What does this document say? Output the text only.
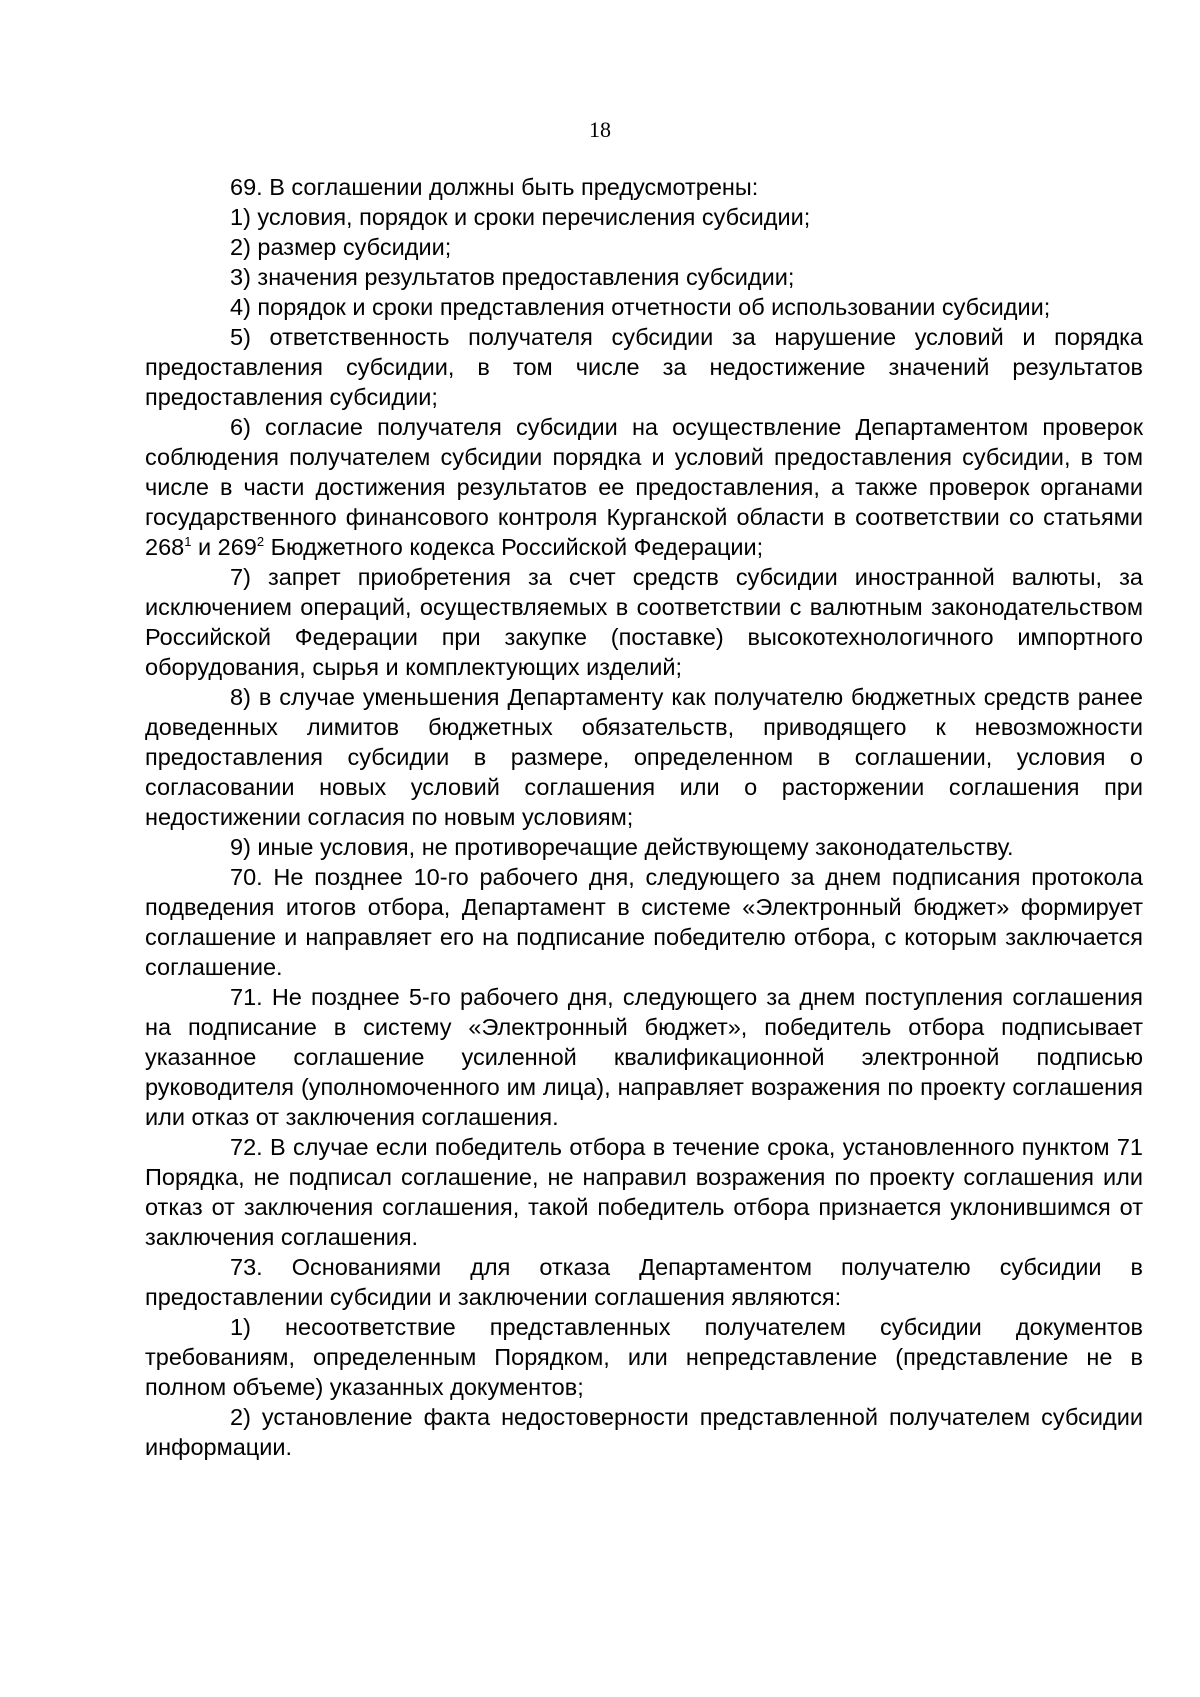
18

69. В соглашении должны быть предусмотрены:

1) условия, порядок и сроки перечисления субсидии;

2) размер субсидии;

3) значения результатов предоставления субсидии;

4) порядок и сроки представления отчетности об использовании субсидии;

5) ответственность получателя субсидии за нарушение условий и порядка предоставления субсидии, в том числе за недостижение значений результатов предоставления субсидии;

6) согласие получателя субсидии на осуществление Департаментом проверок соблюдения получателем субсидии порядка и условий предоставления субсидии, в том числе в части достижения результатов ее предоставления, а также проверок органами государственного финансового контроля Курганской области в соответствии со статьями $268^1$ и $269^2$ Бюджетного кодекса Российской Федерации;

7) запрет приобретения за счет средств субсидии иностранной валюты, за исключением операций, осуществляемых в соответствии с валютным законодательством Российской Федерации при закупке (поставке) высокотехнологичного импортного оборудования, сырья и комплектующих изделий;

8) в случае уменьшения Департаменту как получателю бюджетных средств ранее доведенных лимитов бюджетных обязательств, приводящего к невозможности предоставления субсидии в размере, определенном в соглашении, условия о согласовании новых условий соглашения или о расторжении соглашения при недостижении согласия по новым условиям;

9) иные условия, не противоречащие действующему законодательству.

70. Не позднее 10-го рабочего дня, следующего за днем подписания протокола подведения итогов отбора, Департамент в системе «Электронный бюджет» формирует соглашение и направляет его на подписание победителю отбора, с которым заключается соглашение.

71. Не позднее 5-го рабочего дня, следующего за днем поступления соглашения на подписание в систему «Электронный бюджет», победитель отбора подписывает указанное соглашение усиленной квалификационной электронной подписью руководителя (уполномоченного им лица), направляет возражения по проекту соглашения или отказ от заключения соглашения.

72. В случае если победитель отбора в течение срока, установленного пунктом 71 Порядка, не подписал соглашение, не направил возражения по проекту соглашения или отказ от заключения соглашения, такой победитель отбора признается уклонившимся от заключения соглашения.

73. Основаниями для отказа Департаментом получателю субсидии в предоставлении субсидии и заключении соглашения являются:

1) несоответствие представленных получателем субсидии документов требованиям, определенным Порядком, или непредставление (представление не в полном объеме) указанных документов;

2) установление факта недостоверности представленной получателем субсидии информации.
